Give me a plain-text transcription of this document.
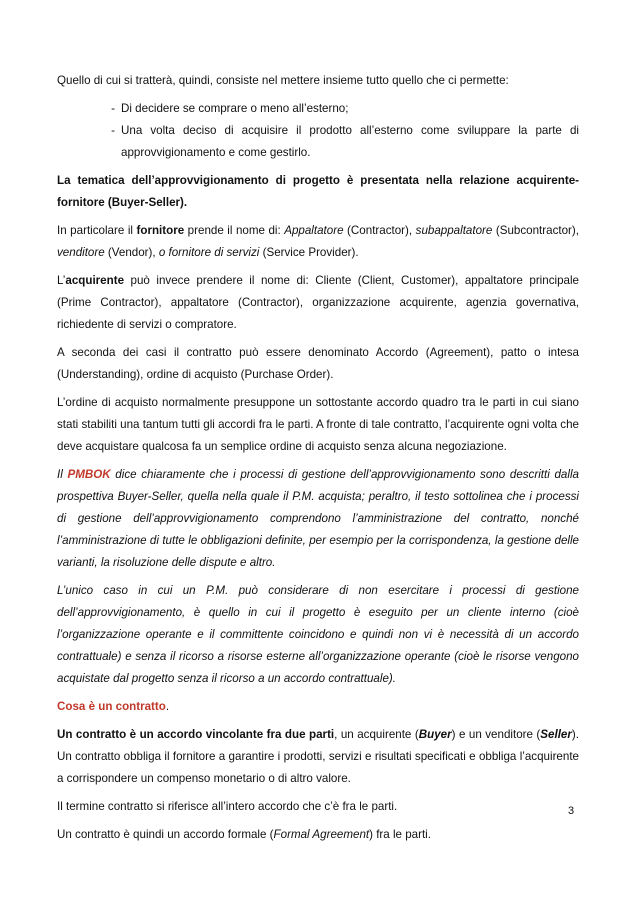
Quello di cui si tratterà, quindi, consiste nel mettere insieme tutto quello che ci permette:

- Di decidere se comprare o meno all’esterno;
- Una volta deciso di acquisire il prodotto all’esterno come sviluppare la parte di approvvigionamento e come gestirlo.

La tematica dell’approvvigionamento di progetto è presentata nella relazione acquirente-fornitore (Buyer-Seller).

In particolare il fornitore prende il nome di: Appaltatore (Contractor), subappaltatore (Subcontractor), venditore (Vendor), o fornitore di servizi (Service Provider).

L’acquirente può invece prendere il nome di: Cliente (Client, Customer), appaltatore principale (Prime Contractor), appaltatore (Contractor), organizzazione acquirente, agenzia governativa, richiedente di servizi o compratore.

A seconda dei casi il contratto può essere denominato Accordo (Agreement), patto o intesa (Understanding), ordine di acquisto (Purchase Order).

L’ordine di acquisto normalmente presuppone un sottostante accordo quadro tra le parti in cui siano stati stabiliti una tantum tutti gli accordi fra le parti. A fronte di tale contratto, l’acquirente ogni volta che deve acquistare qualcosa fa un semplice ordine di acquisto senza alcuna negoziazione.

Il PMBOK dice chiaramente che i processi di gestione dell’approvvigionamento sono descritti dalla prospettiva Buyer-Seller, quella nella quale il P.M. acquista; peraltro, il testo sottolinea che i processi di gestione dell’approvvigionamento comprendono l’amministrazione del contratto, nonché l’amministrazione di tutte le obbligazioni definite, per esempio per la corrispondenza, la gestione delle varianti, la risoluzione delle dispute e altro.

L’unico caso in cui un P.M. può considerare di non esercitare i processi di gestione dell’approvvigionamento, è quello in cui il progetto è eseguito per un cliente interno (cioè l’organizzazione operante e il committente coincidono e quindi non vi è necessità di un accordo contrattuale) e senza il ricorso a risorse esterne all’organizzazione operante (cioè le risorse vengono acquistate dal progetto senza il ricorso a un accordo contrattuale).

Cosa è un contratto.

Un contratto è un accordo vincolante fra due parti, un acquirente (Buyer) e un venditore (Seller). Un contratto obbliga il fornitore a garantire i prodotti, servizi e risultati specificati e obbliga l’acquirente a corrispondere un compenso monetario o di altro valore.

Il termine contratto si riferisce all’intero accordo che c’è fra le parti.

Un contratto è quindi un accordo formale (Formal Agreement) fra le parti.

3
